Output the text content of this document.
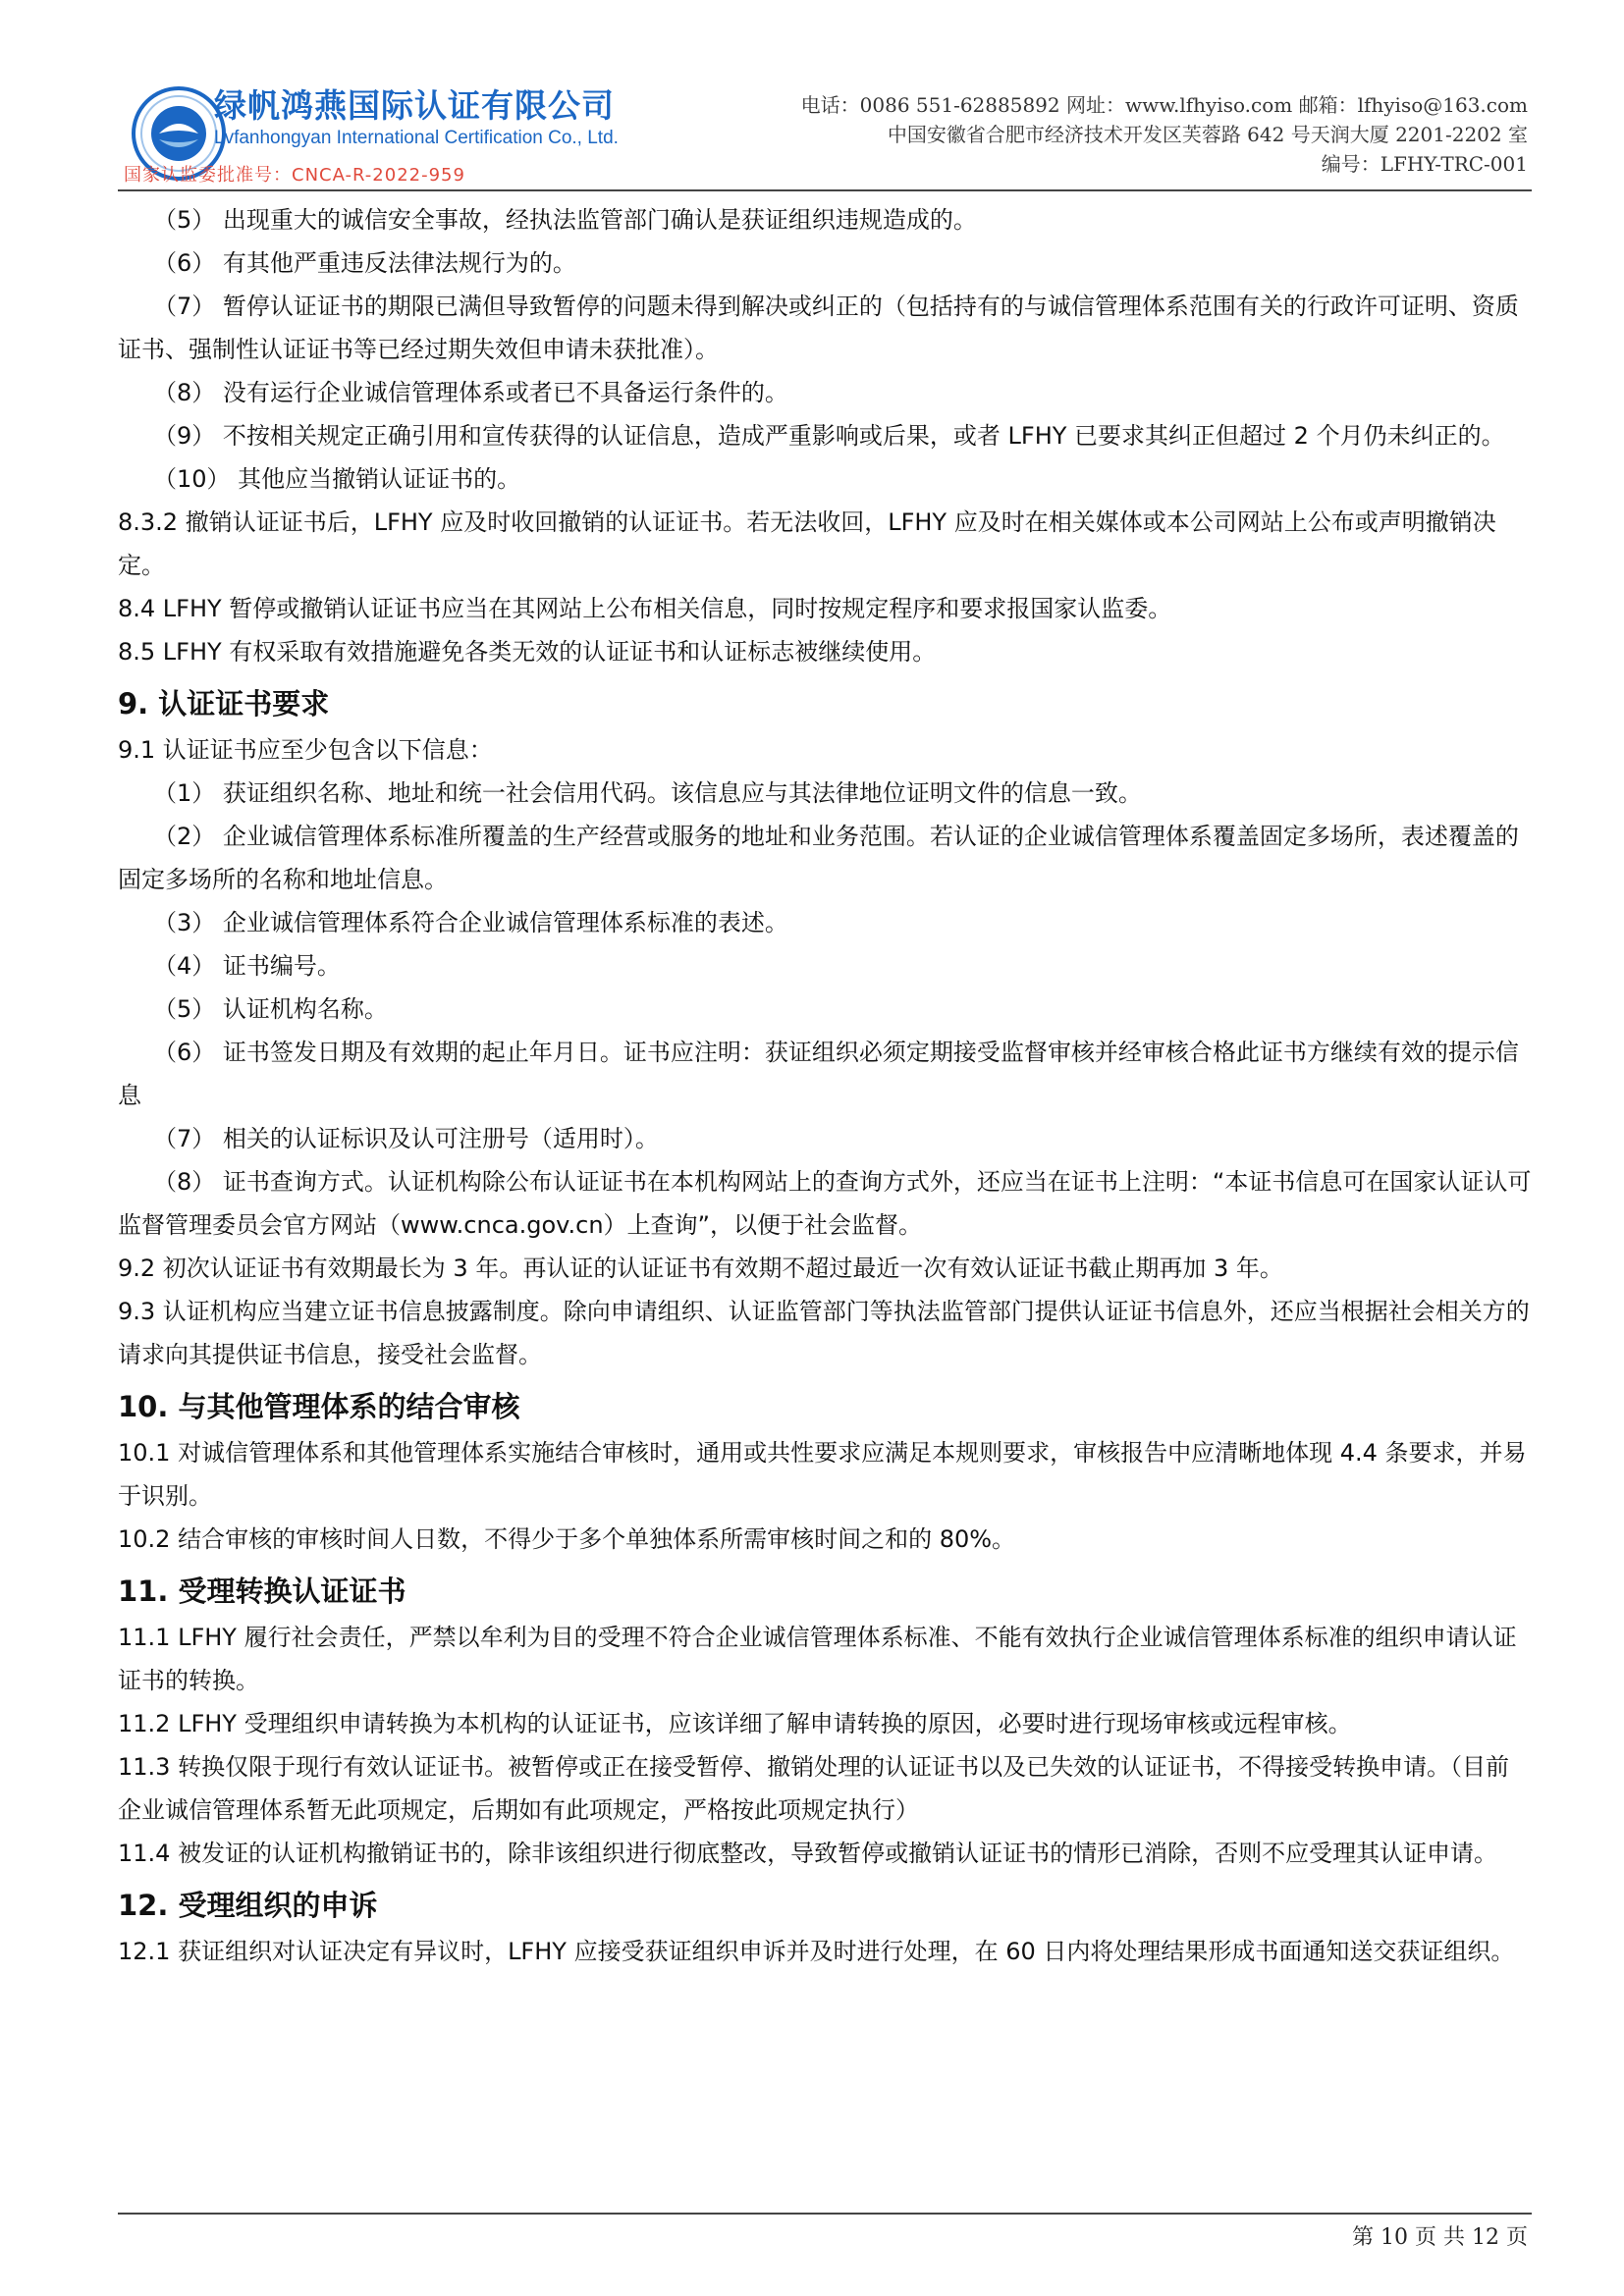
绿帆鸿燕国际认证有限公司
Lvfanhongyan International Certification Co., Ltd.
国家认监委批准号：CNCA-R-2022-959
电话：0086 551-62885892 网址：www.lfhyiso.com 邮箱：lfhyiso@163.com
中国安徽省合肥市经济技术开发区芙蓉路 642 号天润大厦 2201-2202 室
编号：LFHY-TRC-001

（5） 出现重大的诚信安全事故，经执法监管部门确认是获证组织违规造成的。

（6） 有其他严重违反法律法规行为的。

（7） 暂停认证证书的期限已满但导致暂停的问题未得到解决或纠正的（包括持有的与诚信管理体系范围有关的行政许可证明、资质证书、强制性认证证书等已经过期失效但申请未获批准）。

（8） 没有运行企业诚信管理体系或者已不具备运行条件的。

（9） 不按相关规定正确引用和宣传获得的认证信息，造成严重影响或后果，或者 LFHY 已要求其纠正但超过 2 个月仍未纠正的。

（10） 其他应当撤销认证证书的。

8.3.2 撤销认证证书后，LFHY 应及时收回撤销的认证证书。若无法收回，LFHY 应及时在相关媒体或本公司网站上公布或声明撤销决定。

8.4 LFHY 暂停或撤销认证证书应当在其网站上公布相关信息，同时按规定程序和要求报国家认监委。

8.5 LFHY 有权采取有效措施避免各类无效的认证证书和认证标志被继续使用。

9. 认证证书要求

9.1 认证证书应至少包含以下信息：

（1） 获证组织名称、地址和统一社会信用代码。该信息应与其法律地位证明文件的信息一致。

（2） 企业诚信管理体系标准所覆盖的生产经营或服务的地址和业务范围。若认证的企业诚信管理体系覆盖固定多场所，表述覆盖的固定多场所的名称和地址信息。

（3） 企业诚信管理体系符合企业诚信管理体系标准的表述。

（4） 证书编号。

（5） 认证机构名称。

（6） 证书签发日期及有效期的起止年月日。证书应注明：获证组织必须定期接受监督审核并经审核合格此证书方继续有效的提示信息

（7） 相关的认证标识及认可注册号（适用时）。

（8） 证书查询方式。认证机构除公布认证证书在本机构网站上的查询方式外，还应当在证书上注明：“本证书信息可在国家认证认可监督管理委员会官方网站（www.cnca.gov.cn）上查询”，以便于社会监督。

9.2 初次认证证书有效期最长为 3 年。再认证的认证证书有效期不超过最近一次有效认证证书截止期再加 3 年。

9.3 认证机构应当建立证书信息披露制度。除向申请组织、认证监管部门等执法监管部门提供认证证书信息外，还应当根据社会相关方的请求向其提供证书信息，接受社会监督。

10. 与其他管理体系的结合审核

10.1 对诚信管理体系和其他管理体系实施结合审核时，通用或共性要求应满足本规则要求，审核报告中应清晰地体现 4.4 条要求，并易于识别。

10.2 结合审核的审核时间人日数，不得少于多个单独体系所需审核时间之和的 80%。

11. 受理转换认证证书

11.1 LFHY 履行社会责任，严禁以牟利为目的受理不符合企业诚信管理体系标准、不能有效执行企业诚信管理体系标准的组织申请认证证书的转换。

11.2 LFHY 受理组织申请转换为本机构的认证证书，应该详细了解申请转换的原因，必要时进行现场审核或远程审核。

11.3 转换仅限于现行有效认证证书。被暂停或正在接受暂停、撤销处理的认证证书以及已失效的认证证书，不得接受转换申请。（目前企业诚信管理体系暂无此项规定，后期如有此项规定，严格按此项规定执行）

11.4 被发证的认证机构撤销证书的，除非该组织进行彻底整改，导致暂停或撤销认证证书的情形已消除，否则不应受理其认证申请。

12. 受理组织的申诉

12.1 获证组织对认证决定有异议时，LFHY 应接受获证组织申诉并及时进行处理，在 60 日内将处理结果形成书面通知送交获证组织。

第 10 页 共 12 页
